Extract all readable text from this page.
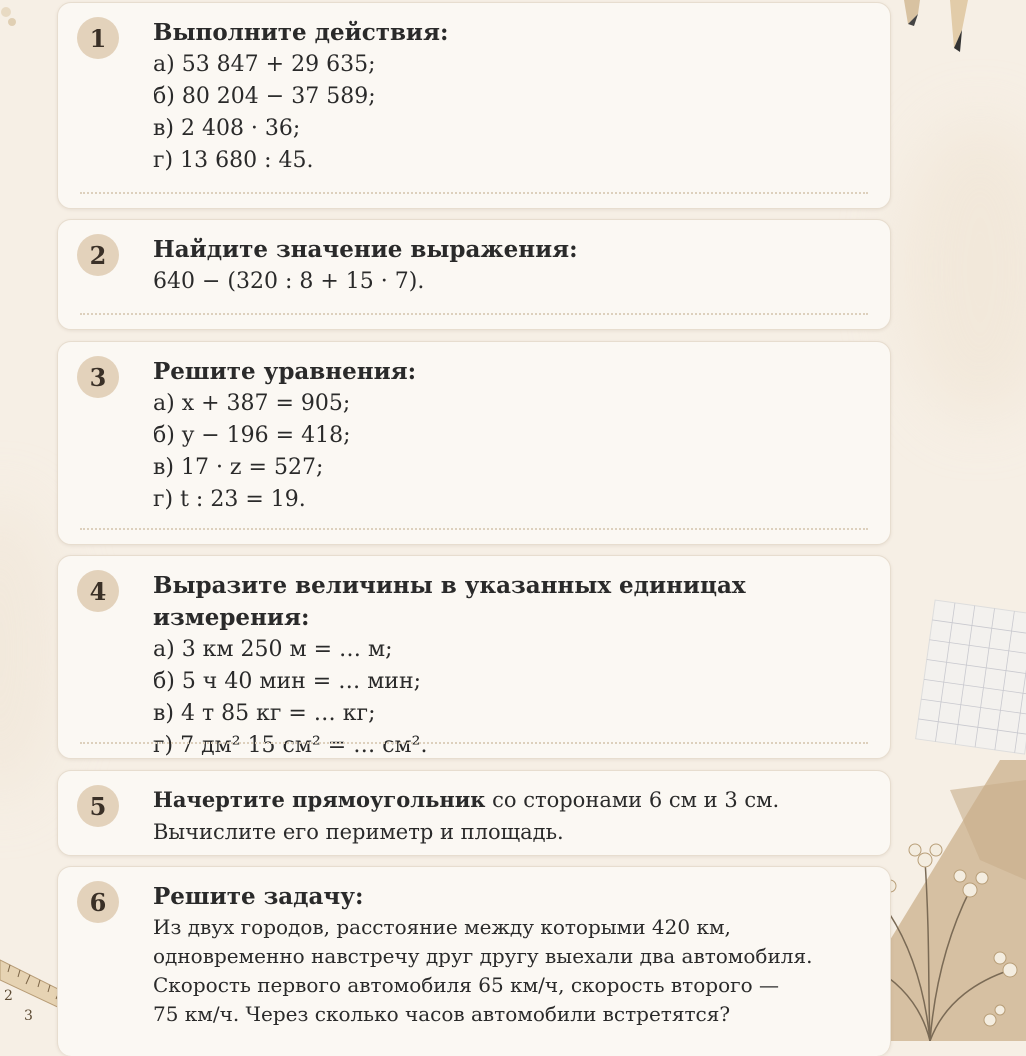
2
3
1	Выполните действия:
а) 53 847 + 29 635;
б) 80 204 − 37 589;
в) 2 408 · 36;
г) 13 680 : 45.
2	Найдите значение выражения:
640 − (320 : 8 + 15 · 7).
3	Решите уравнения:
а) x + 387 = 905;
б) y − 196 = 418;
в) 17 · z = 527;
г) t : 23 = 19.
4	Выразите величины в указанных единицах измерения:
а) 3 км 250 м = … м;
б) 5 ч 40 мин = … мин;
в) 4 т 85 кг = … кг;
г) 7 дм² 15 см² = … см².
5	Начертите прямоугольник со сторонами 6 см и 3 см.
Вычислите его периметр и площадь.
6	Решите задачу:
Из двух городов, расстояние между которыми 420 км,
одновременно навстречу друг другу выехали два автомобиля.
Скорость первого автомобиля 65 км/ч, скорость второго —
75 км/ч. Через сколько часов автомобили встретятся?
